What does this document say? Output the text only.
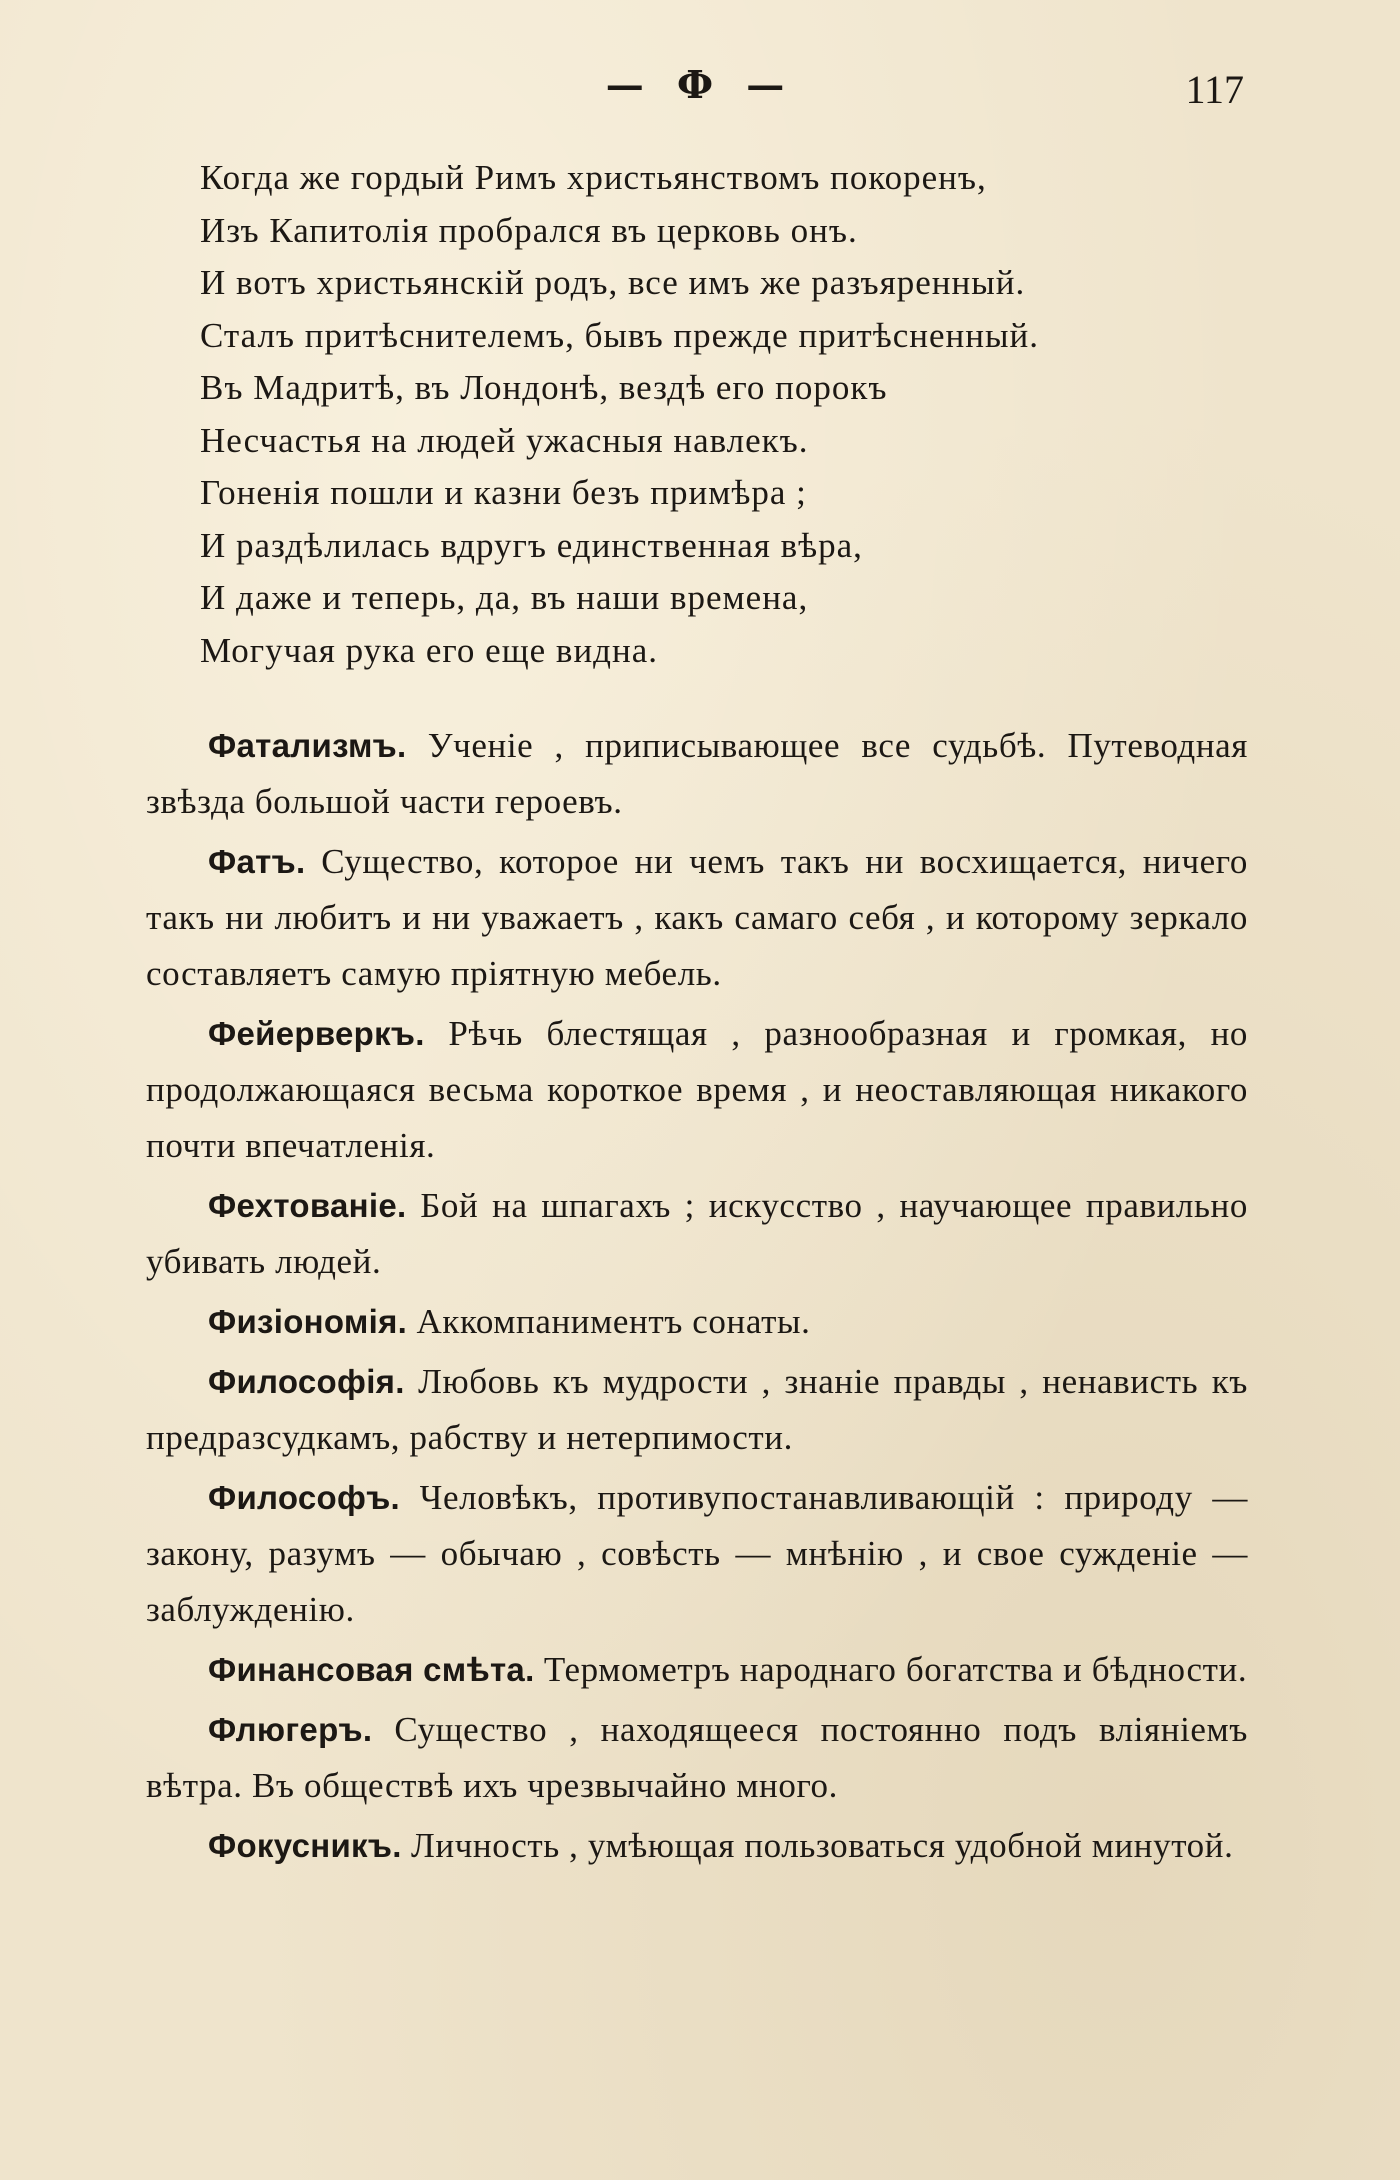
— Ф —	117
Когда же гордый Римъ христьянствомъ покоренъ,
Изъ Капитолія пробрался въ церковь онъ.
И вотъ христьянскій родъ, все имъ же разъяренный.
Сталъ притѣснителемъ, бывъ прежде притѣсненный.
Въ Мадритѣ, въ Лондонѣ, вездѣ его порокъ
Несчастья на людей ужасныя навлекъ.
Гоненія пошли и казни безъ примѣра ;
И раздѣлилась вдругъ единственная вѣра,
И даже и теперь, да, въ наши времена,
Могучая рука его еще видна.

Фатализмъ. Ученіе , приписывающее все судьбѣ. Путеводная звѣзда большой части героевъ.

Фатъ. Существо, которое ни чемъ такъ ни восхищается, ничего такъ ни любитъ и ни уважаетъ , какъ самаго себя , и которому зеркало составляетъ самую пріятную мебель.

Фейерверкъ. Рѣчь блестящая , разнообразная и громкая, но продолжающаяся весьма короткое время , и неоставляющая никакого почти впечатленія.

Фехтованіе. Бой на шпагахъ ; искусство , научающее правильно убивать людей.

Физіономія. Аккомпаниментъ сонаты.

Философія. Любовь къ мудрости , знаніе правды , ненависть къ предразсудкамъ, рабству и нетерпимости.

Философъ. Человѣкъ, противупостанавливающій : природу — закону, разумъ — обычаю , совѣсть — мнѣнію , и свое сужденіе — заблужденію.

Финансовая смѣта. Термометръ народнаго богатства и бѣдности.

Флюгеръ. Существо , находящееся постоянно подъ вліяніемъ вѣтра. Въ обществѣ ихъ чрезвычайно много.

Фокусникъ. Личность , умѣющая пользоваться удобной минутой.
